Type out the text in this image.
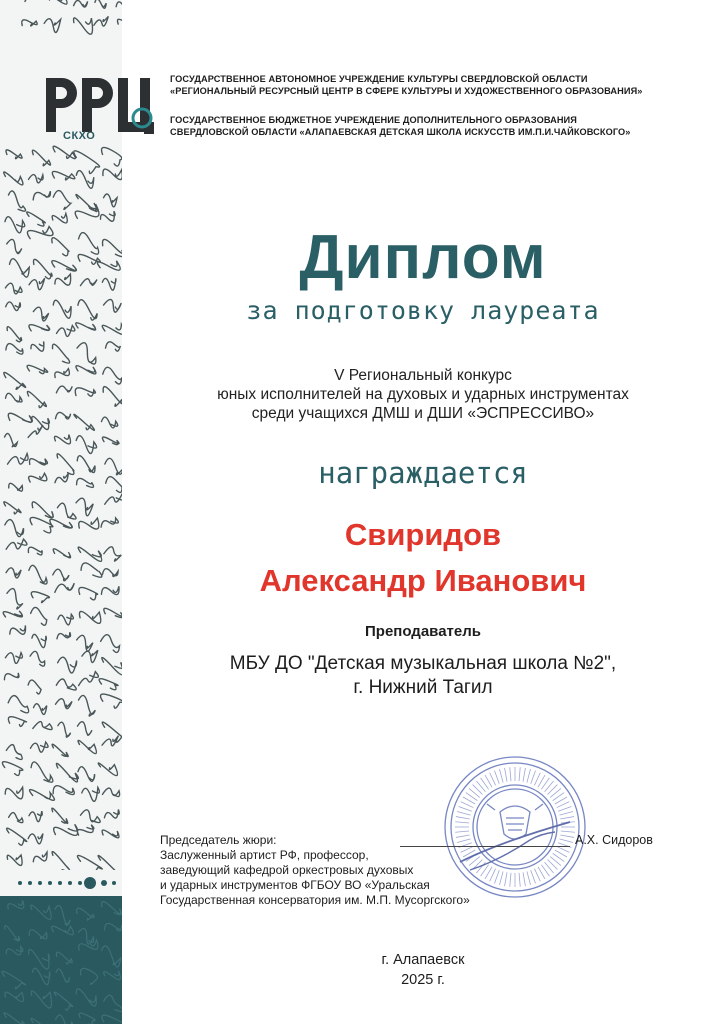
СКХО
ГОСУДАРСТВЕННОЕ АВТОНОМНОЕ УЧРЕЖДЕНИЕ КУЛЬТУРЫ СВЕРДЛОВСКОЙ ОБЛАСТИ
«РЕГИОНАЛЬНЫЙ РЕСУРСНЫЙ ЦЕНТР В СФЕРЕ КУЛЬТУРЫ И ХУДОЖЕСТВЕННОГО ОБРАЗОВАНИЯ»
ГОСУДАРСТВЕННОЕ БЮДЖЕТНОЕ УЧРЕЖДЕНИЕ ДОПОЛНИТЕЛЬНОГО ОБРАЗОВАНИЯ
СВЕРДЛОВСКОЙ ОБЛАСТИ «АЛАПАЕВСКАЯ ДЕТСКАЯ ШКОЛА ИСКУССТВ ИМ.П.И.ЧАЙКОВСКОГО»
Диплом
за подготовку лауреата
V Региональный конкурс
юных исполнителей на духовых и ударных инструментах
среди учащихся ДМШ и ДШИ «ЭСПРЕССИВО»
награждается
Свиридов
Александр Иванович
Преподаватель
МБУ ДО "Детская музыкальная школа №2",
г. Нижний Тагил
Председатель жюри:
Заслуженный артист РФ, профессор,
заведующий кафедрой оркестровых духовых
и ударных инструментов ФГБОУ ВО «Уральская
Государственная консерватория им. М.П. Мусоргского»
А.Х. Сидоров
г. Алапаевск
2025 г.
